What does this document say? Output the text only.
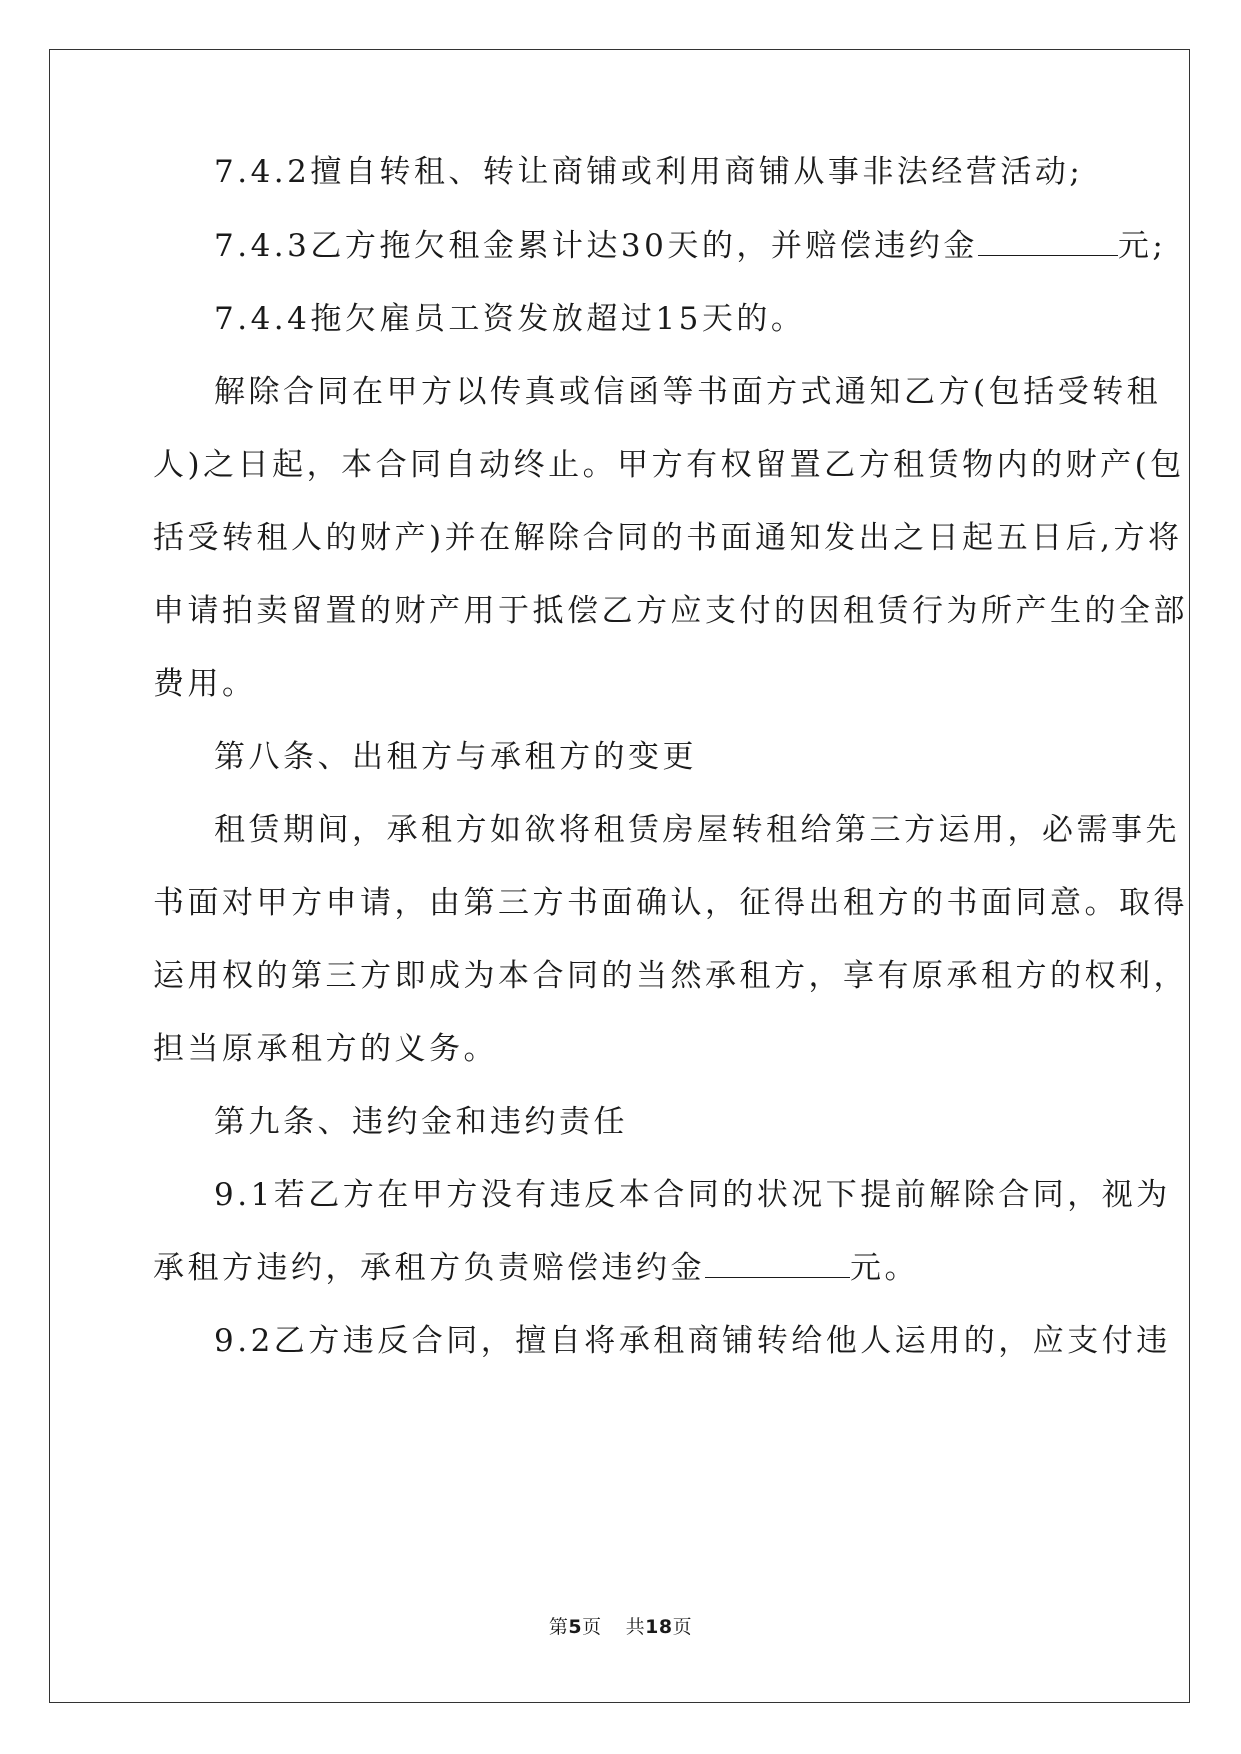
7.4.2擅自转租、转让商铺或利用商铺从事非法经营活动;
7.4.3乙方拖欠租金累计达30天的，并赔偿违约金	元;
7.4.4拖欠雇员工资发放超过15天的。
解除合同在甲方以传真或信函等书面方式通知乙方(包括受转租
人)之日起，本合同自动终止。甲方有权留置乙方租赁物内的财产(包
括受转租人的财产)并在解除合同的书面通知发出之日起五日后,方将
申请拍卖留置的财产用于抵偿乙方应支付的因租赁行为所产生的全部
费用。
第八条、出租方与承租方的变更
租赁期间，承租方如欲将租赁房屋转租给第三方运用，必需事先
书面对甲方申请，由第三方书面确认，征得出租方的书面同意。取得
运用权的第三方即成为本合同的当然承租方，享有原承租方的权利，
担当原承租方的义务。
第九条、违约金和违约责任
9.1若乙方在甲方没有违反本合同的状况下提前解除合同，视为
承租方违约，承租方负责赔偿违约金	元。
9.2乙方违反合同，擅自将承租商铺转给他人运用的，应支付违
第5页 共18页
